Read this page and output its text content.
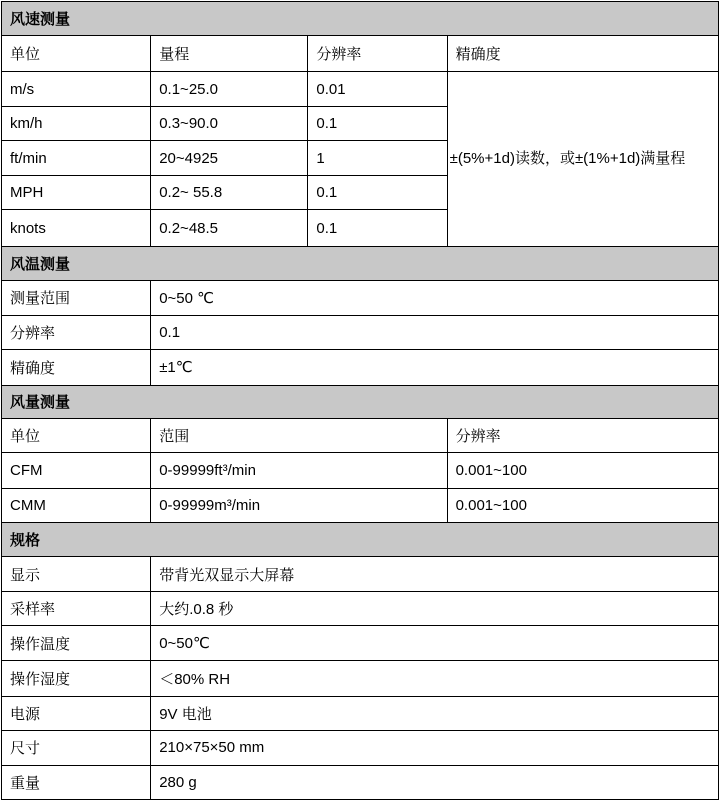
风速测量			
单位	量程	分辨率	精确度
m/s	0.1~25.0	0.01	±(5%+1d)读数，或±(1%+1d)满量程
km/h	0.3~90.0	0.1	
ft/min	20~4925	1	
MPH	0.2~ 55.8	0.1	
knots	0.2~48.5	0.1	
风温测量			
测量范围	0~50 ℃		
分辨率	0.1		
精确度	±1℃		
风量测量			
单位	范围		分辨率
CFM	0-99999ft³/min		0.001~100
CMM	0-99999m³/min		0.001~100
规格			
显示	带背光双显示大屏幕		
采样率	大约.0.8 秒		
操作温度	0~50℃		
操作湿度	＜80% RH		
电源	9V 电池		
尺寸	210×75×50 mm		
重量	280 g		
